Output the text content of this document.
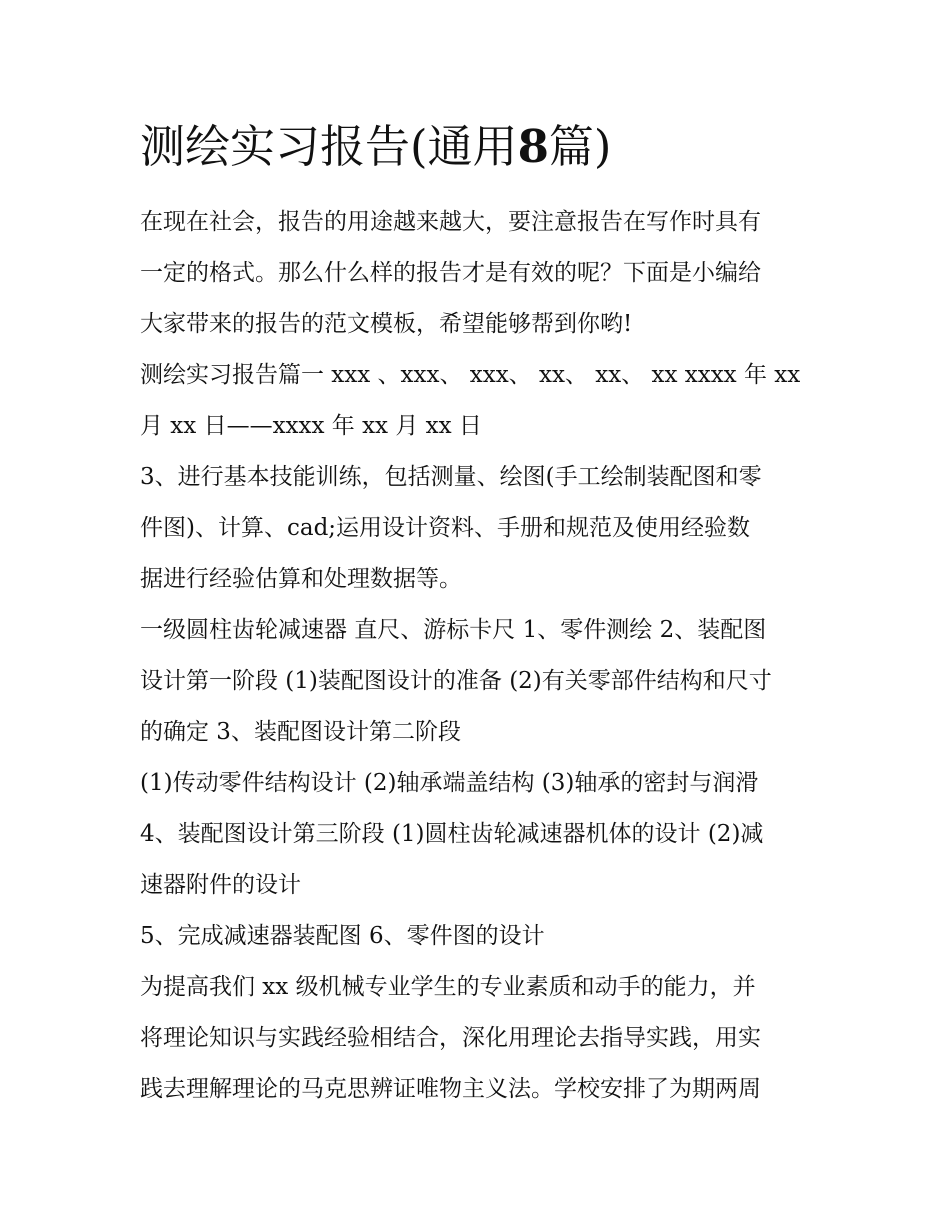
测绘实习报告(通用8篇)
在现在社会，报告的用途越来越大，要注意报告在写作时具有
一定的格式。那么什么样的报告才是有效的呢？下面是小编给
大家带来的报告的范文模板，希望能够帮到你哟!
测绘实习报告篇一 xxx 、xxx、 xxx、 xx、 xx、 xx xxxx 年 xx
月 xx 日——xxxx 年 xx 月 xx 日
3、进行基本技能训练，包括测量、绘图(手工绘制装配图和零
件图)、计算、cad;运用设计资料、手册和规范及使用经验数
据进行经验估算和处理数据等。
一级圆柱齿轮减速器 直尺、游标卡尺 1、零件测绘 2、装配图
设计第一阶段 (1)装配图设计的准备 (2)有关零部件结构和尺寸
的确定 3、装配图设计第二阶段
(1)传动零件结构设计 (2)轴承端盖结构 (3)轴承的密封与润滑
4、装配图设计第三阶段 (1)圆柱齿轮减速器机体的设计 (2)减
速器附件的设计
5、完成减速器装配图 6、零件图的设计
为提高我们 xx 级机械专业学生的专业素质和动手的能力，并
将理论知识与实践经验相结合，深化用理论去指导实践，用实
践去理解理论的马克思辨证唯物主义法。学校安排了为期两周
